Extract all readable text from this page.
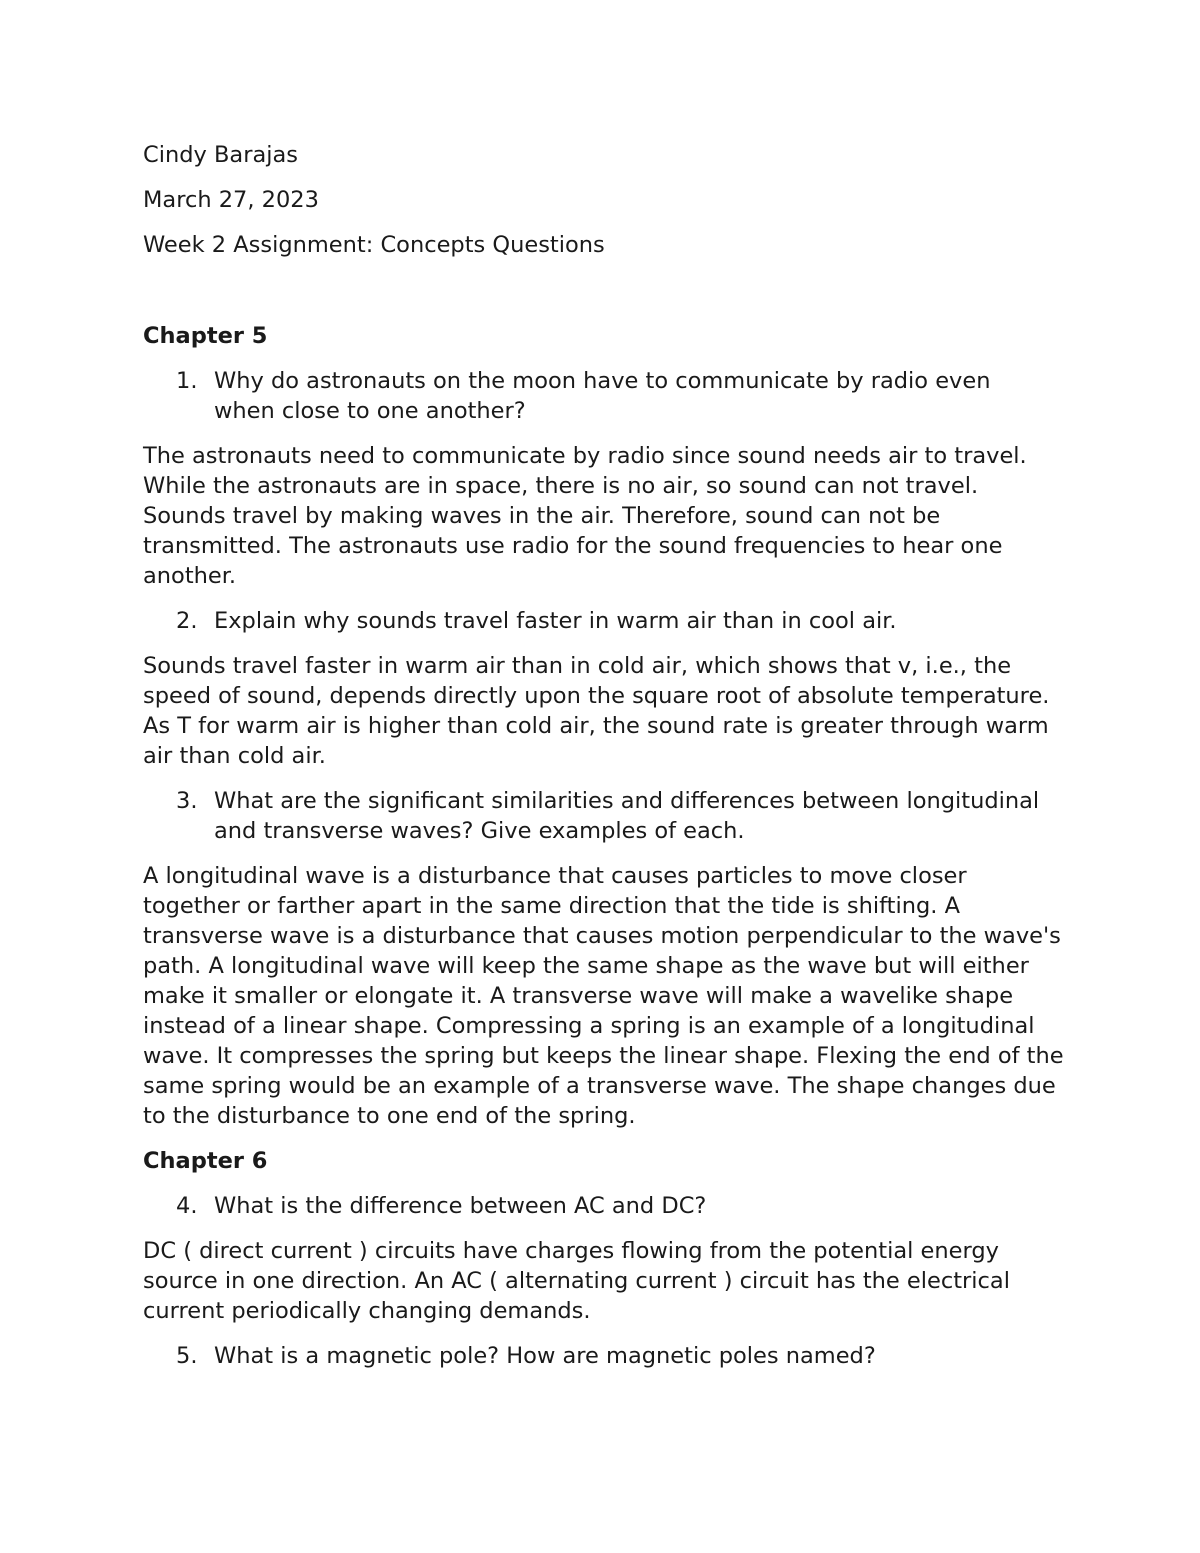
Cindy Barajas
March 27, 2023
Week 2 Assignment: Concepts Questions
Chapter 5
1. Why do astronauts on the moon have to communicate by radio even when close to one another?

The astronauts need to communicate by radio since sound needs air to travel. While the astronauts are in space, there is no air, so sound can not travel. Sounds travel by making waves in the air. Therefore, sound can not be transmitted. The astronauts use radio for the sound frequencies to hear one another.

2. Explain why sounds travel faster in warm air than in cool air.

Sounds travel faster in warm air than in cold air, which shows that v, i.e., the speed of sound, depends directly upon the square root of absolute temperature. As T for warm air is higher than cold air, the sound rate is greater through warm air than cold air.

3. What are the significant similarities and differences between longitudinal and transverse waves? Give examples of each.

A longitudinal wave is a disturbance that causes particles to move closer together or farther apart in the same direction that the tide is shifting. A transverse wave is a disturbance that causes motion perpendicular to the wave's path. A longitudinal wave will keep the same shape as the wave but will either make it smaller or elongate it. A transverse wave will make a wavelike shape instead of a linear shape. Compressing a spring is an example of a longitudinal wave. It compresses the spring but keeps the linear shape. Flexing the end of the same spring would be an example of a transverse wave. The shape changes due to the disturbance to one end of the spring.

Chapter 6
4. What is the difference between AC and DC?

DC ( direct current ) circuits have charges flowing from the potential energy source in one direction. An AC ( alternating current ) circuit has the electrical current periodically changing demands.

5. What is a magnetic pole? How are magnetic poles named?
